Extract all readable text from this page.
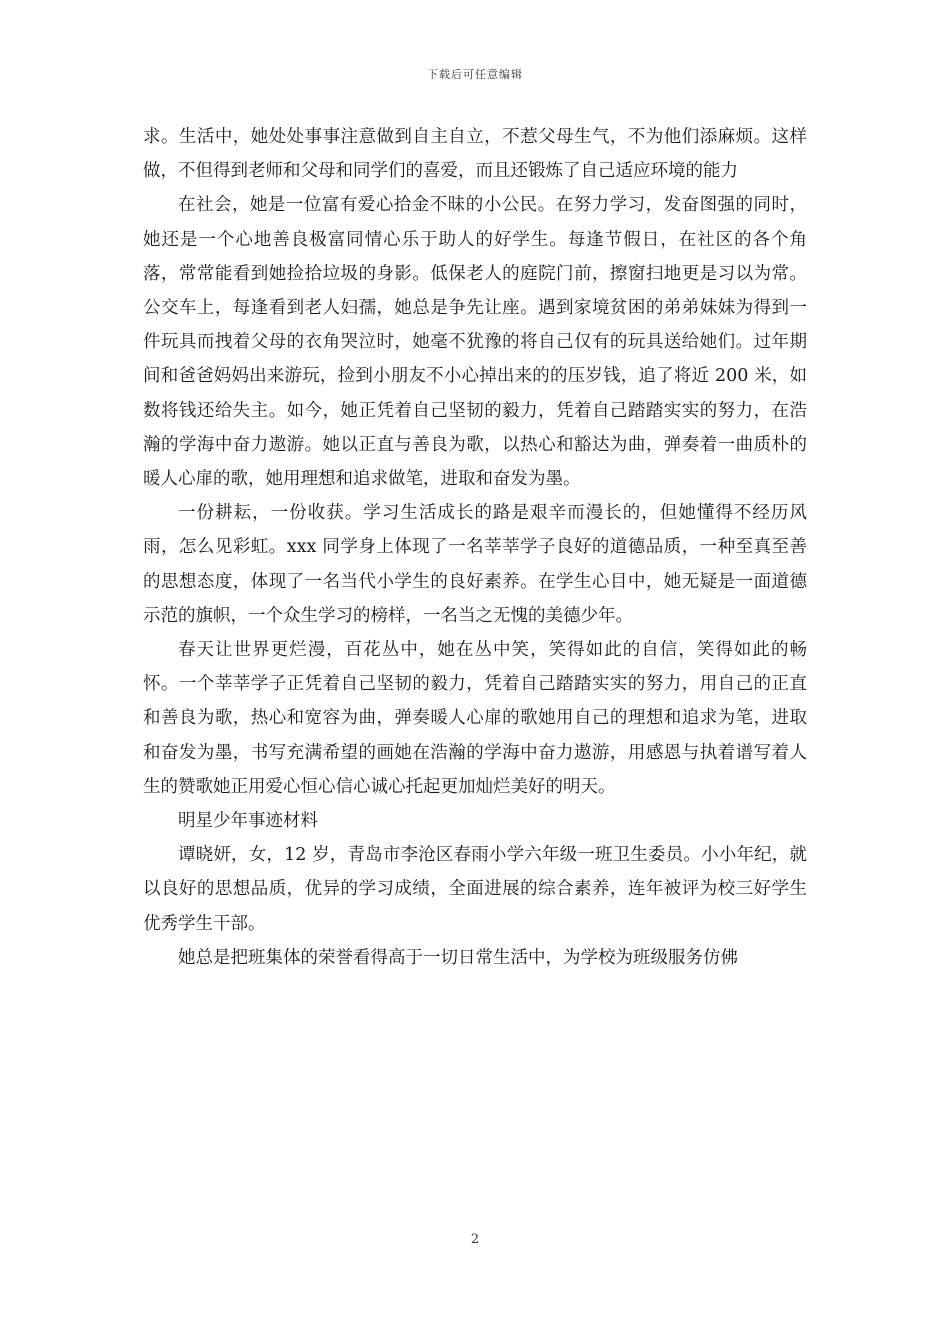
下载后可任意编辑

求。生活中，她处处事事注意做到自主自立，不惹父母生气，不为他们添麻烦。这样做，不但得到老师和父母和同学们的喜爱，而且还锻炼了自己适应环境的能力

在社会，她是一位富有爱心拾金不昧的小公民。在努力学习，发奋图强的同时，她还是一个心地善良极富同情心乐于助人的好学生。每逢节假日，在社区的各个角落，常常能看到她捡拾垃圾的身影。低保老人的庭院门前，擦窗扫地更是习以为常。公交车上，每逢看到老人妇孺，她总是争先让座。遇到家境贫困的弟弟妹妹为得到一件玩具而拽着父母的衣角哭泣时，她毫不犹豫的将自己仅有的玩具送给她们。过年期间和爸爸妈妈出来游玩，捡到小朋友不小心掉出来的的压岁钱，追了将近 200 米，如数将钱还给失主。如今，她正凭着自己坚韧的毅力，凭着自己踏踏实实的努力，在浩瀚的学海中奋力遨游。她以正直与善良为歌，以热心和豁达为曲，弹奏着一曲质朴的暖人心扉的歌，她用理想和追求做笔，进取和奋发为墨。

一份耕耘，一份收获。学习生活成长的路是艰辛而漫长的，但她懂得不经历风雨，怎么见彩虹。xxx 同学身上体现了一名莘莘学子良好的道德品质，一种至真至善的思想态度，体现了一名当代小学生的良好素养。在学生心目中，她无疑是一面道德示范的旗帜，一个众生学习的榜样，一名当之无愧的美德少年。

春天让世界更烂漫，百花丛中，她在丛中笑，笑得如此的自信，笑得如此的畅怀。一个莘莘学子正凭着自己坚韧的毅力，凭着自己踏踏实实的努力，用自己的正直和善良为歌，热心和宽容为曲，弹奏暖人心扉的歌她用自己的理想和追求为笔，进取和奋发为墨，书写充满希望的画她在浩瀚的学海中奋力遨游，用感恩与执着谱写着人生的赞歌她正用爱心恒心信心诚心托起更加灿烂美好的明天。

明星少年事迹材料

谭晓妍，女，12 岁，青岛市李沧区春雨小学六年级一班卫生委员。小小年纪，就以良好的思想品质，优异的学习成绩，全面进展的综合素养，连年被评为校三好学生优秀学生干部。

她总是把班集体的荣誉看得高于一切日常生活中，为学校为班级服务仿佛

2
